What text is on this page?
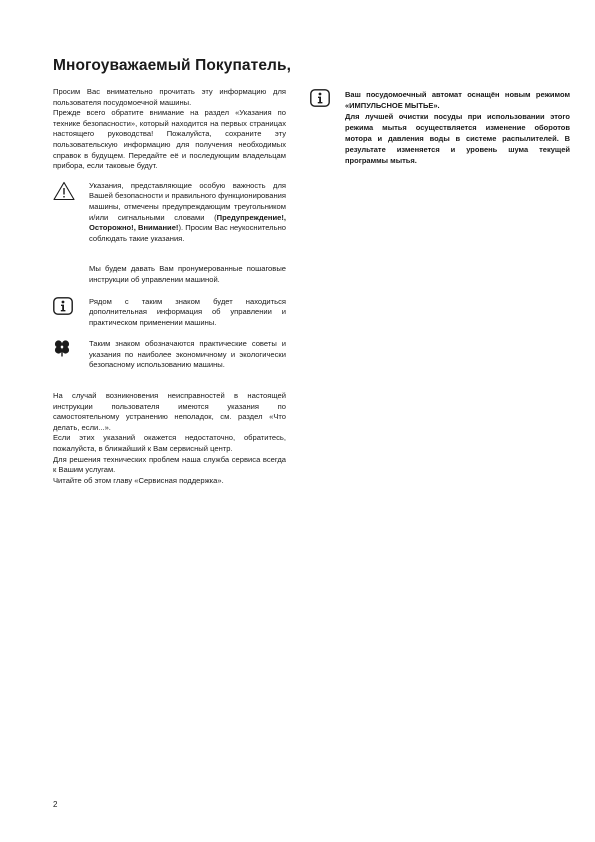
Многоуважаемый Покупатель,

Просим Вас внимательно прочитать эту информацию для пользователя посудомоечной машины.

Прежде всего обратите внимание на раздел «Указания по технике безопасности», который находится на первых страницах настоящего руководства! Пожалуйста, сохраните эту пользовательскую информацию для получения необходимых справок в будущем. Передайте её и последующим владельцам прибора, если таковые будут.

Указания, представляющие особую важность для Вашей безопасности и правильного функционирования машины, отмечены предупреждающим треугольником и/или сигнальными словами (Предупреждение!, Осторожно!, Внимание!). Просим Вас неукоснительно соблюдать такие указания.

Мы будем давать Вам пронумерованные пошаговые инструкции об управлении машиной.

Рядом с таким знаком будет находиться дополнительная информация об управлении и практическом применении машины.

Таким знаком обозначаются практические советы и указания по наиболее экономичному и экологически безопасному использованию машины.

На случай возникновения неисправностей в настоящей инструкции пользователя имеются указания по самостоятельному устранению неполадок, см. раздел «Что делать, если...».

Если этих указаний окажется недостаточно, обратитесь, пожалуйста, в ближайший к Вам сервисный центр.

Для решения технических проблем наша служба сервиса всегда к Вашим услугам.

Читайте об этом главу «Сервисная поддержка».

Ваш посудомоечный автомат оснащён новым режимом «ИМПУЛЬСНОЕ МЫТЬЕ».

Для лучшей очистки посуды при использовании этого режима мытья осуществляется изменение оборотов мотора и давления воды в системе распылителей. В результате изменяется и уровень шума текущей программы мытья.

2
